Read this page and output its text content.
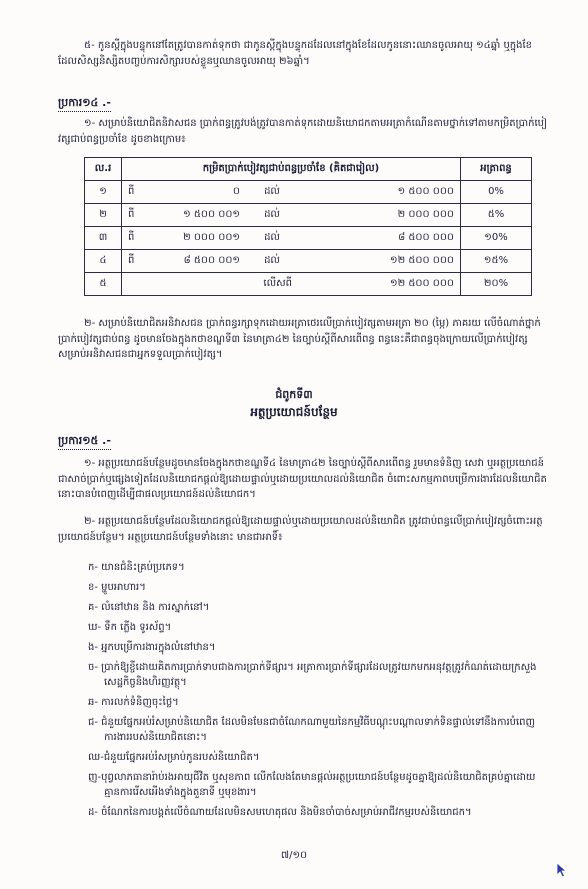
៥- កូនស្ដីក្នុងបន្ទុកនៅតែត្រូវបានកាត់ទុកថា ជាកូនស្ដីក្នុងបន្ទុកដដែលនៅក្នុងខែដែលកូននោះឈានចូលអាយុ ១៤ឆ្នាំ ឬក្នុងខែដែលសិស្សនិស្សិតបញ្ចប់ការសិក្សារបស់ខ្លួនឬឈានចូលអាយុ ២៦ឆ្នាំ។

ប្រការ១៤ .-

១- សម្រាប់និយោជិតនិវាសជន ប្រាក់ពន្ធត្រូវបង់ត្រូវបានកាត់ទុកដោយនិយោជកតាមអត្រាកំណើនតាមថ្នាក់ទៅតាមកម្រិតប្រាក់បៀវត្សជាប់ពន្ធប្រចាំខែ ដូចខាងក្រោម៖

ល.រ	កម្រិតប្រាក់បៀវត្សជាប់ពន្ធប្រចាំខែ (គិតជារៀល)				អត្រាពន្ធ
១	ពី	០	ដល់	១ ៥០០ ០០០	0%
២	ពី	១ ៥០០ ០០១	ដល់	២ ០០០ ០០០	៥%
៣	ពី	២ ០០០ ០០១	ដល់	៨ ៥០០ ០០០	១0%
៤	ពី	៨ ៥០០ ០០១	ដល់	១២ ៥០០ ០០០	១៥%
៥		លើសពី		១២ ៥០០ ០០០	២០%

២- សម្រាប់និយោជិតអនិវាសជន ប្រាក់ពន្ធរក្សាទុកដោយអត្រាថេរលើប្រាក់បៀវត្សតាមអត្រា ២០ (ម្ភៃ) ភាគរយ លើចំណាត់ថ្នាក់ប្រាក់បៀវត្សជាប់ពន្ធ ដូចមានចែងក្នុងកថាខណ្ឌទី៣ នៃមាត្រា៤២ នៃច្បាប់ស្ដីពីសារពើពន្ធ ពន្ធនេះគឺជាពន្ធចុងក្រោយលើប្រាក់បៀវត្សសម្រាប់អនិវាសជនជាអ្នកទទួលប្រាក់បៀវត្ស។

ជំពូកទី៣
អត្ថប្រយោជន៍បន្ថែម
ប្រការ១៥ .-

១- អត្ថប្រយោជន៍បន្ថែមដូចមានចែងក្នុងកថាខណ្ឌទី៤ នៃមាត្រា៤២ នៃច្បាប់ស្ដីពីសារពើពន្ធ រួមមានទំនិញ សេវា ឬអត្ថប្រយោជន៍ជាសាច់ប្រាក់ឬផ្សេងទៀតដែលនិយោជកផ្ដល់ឱ្យដោយផ្ទាល់ឬដោយប្រយោលដល់និយោជិត ចំពោះសកម្មភាពបម្រើការងារដែលនិយោជិតនោះបានបំពេញដើម្បីជាផលប្រយោជន៍ដល់និយោជក។

២- អត្ថប្រយោជន៍បន្ថែមដែលនិយោជកផ្ដល់ឱ្យដោយផ្ទាល់ឬដោយប្រយោលដល់និយោជិត ត្រូវជាប់ពន្ធលើប្រាក់បៀវត្សចំពោះអត្ថប្រយោជន៍បន្ថែម។ អត្ថប្រយោជន៍បន្ថែមទាំងនោះ មានជាអាទិ៍៖

ក- យានជំនិះគ្រប់ប្រភេទ។
ខ- ម្ហូបអាហារ។
គ- លំនៅឋាន និង ការស្នាក់នៅ។
ឃ- ទឹក ភ្លើង ទូរស័ព្ទ។
ង- អ្នកបម្រើការងារក្នុងលំនៅឋាន។
ច- ប្រាក់ឱ្យខ្ចីដោយគិតការប្រាក់ទាបជាងការប្រាក់ទីផ្សារ។ អត្រាការប្រាក់ទីផ្សារដែលត្រូវយកមកអនុវត្តត្រូវកំណត់ដោយក្រសួងសេដ្ឋកិច្ចនិងហិរញ្ញវត្ថុ។
ឆ- ការលក់ទំនិញចុះថ្លៃ។
ជ- ជំនួយផ្នែកអប់រំសម្រាប់និយោជិត ដែលមិនមែនជាចំណែកណាមួយនៃកម្មវិធីបណ្ដុះបណ្ដាលទាក់ទិនផ្ទាល់ទៅនឹងការបំពេញការងាររបស់និយោជិតនោះ។
ឈ-ជំនួយផ្នែកអប់រំសម្រាប់កូនរបស់និយោជិត។
ញ-បុព្វលាភធានារ៉ាប់រងអាយុជីវិត ឬសុខភាព លើកលែងតែមានផ្ដល់អត្ថប្រយោជន៍បន្ថែមដូចគ្នាឱ្យដល់និយោជិតគ្រប់គ្នាដោយគ្មានការរើសអើងទាំងក្នុងតួនាទី ឬមុខងារ។
ដ- ចំណែកនៃការបង្គត់លើចំណាយដែលមិនសមហេតុផល និងមិនចាំបាច់សម្រាប់អាជីវកម្មរបស់និយោជក។
៧/១០
